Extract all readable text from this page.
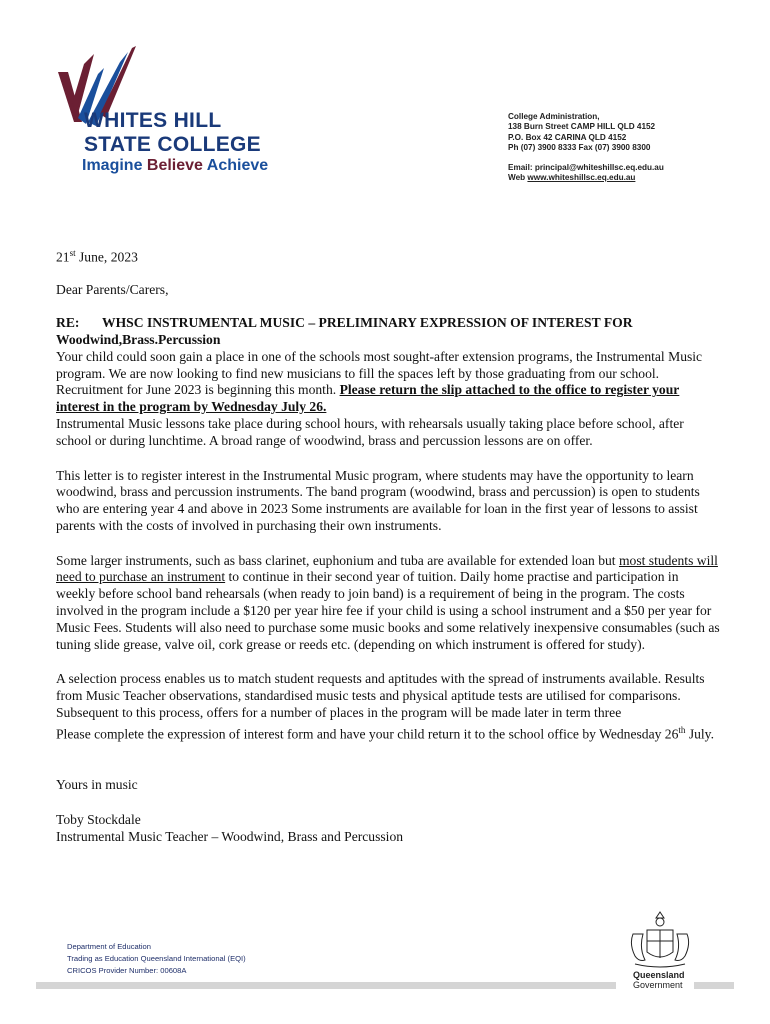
WHITES HILL
STATE COLLEGE
Imagine Believe Achieve
College Administration,
138 Burn Street CAMP HILL QLD 4152
P.O. Box 42 CARINA QLD 4152
Ph (07) 3900 8333 Fax (07) 3900 8300
Email: principal@whiteshillsc.eq.edu.au
Web www.whiteshillsc.eq.edu.au

21st June, 2023

Dear Parents/Carers,

RE:	WHSC INSTRUMENTAL MUSIC – PRELIMINARY EXPRESSION OF INTEREST FOR

Woodwind,Brass.Percussion

Your child could soon gain a place in one of the schools most sought-after extension programs, the Instrumental Music program. We are now looking to find new musicians to fill the spaces left by those graduating from our school. Recruitment for June 2023 is beginning this month. Please return the slip attached to the office to register your interest in the program by Wednesday July 26.

Instrumental Music lessons take place during school hours, with rehearsals usually taking place before school, after school or during lunchtime. A broad range of woodwind, brass and percussion lessons are on offer.

This letter is to register interest in the Instrumental Music program, where students may have the opportunity to learn woodwind, brass and percussion instruments. The band program (woodwind, brass and percussion) is open to students who are entering year 4 and above in 2023 Some instruments are available for loan in the first year of lessons to assist parents with the costs of involved in purchasing their own instruments.

Some larger instruments, such as bass clarinet, euphonium and tuba are available for extended loan but most students will need to purchase an instrument to continue in their second year of tuition. Daily home practise and participation in weekly before school band rehearsals (when ready to join band) is a requirement of being in the program. The costs involved in the program include a $120 per year hire fee if your child is using a school instrument and a $50 per year for Music Fees. Students will also need to purchase some music books and some relatively inexpensive consumables (such as tuning slide grease, valve oil, cork grease or reeds etc. (depending on which instrument is offered for study).

A selection process enables us to match student requests and aptitudes with the spread of instruments available. Results from Music Teacher observations, standardised music tests and physical aptitude tests are utilised for comparisons. Subsequent to this process, offers for a number of places in the program will be made later in term three

Please complete the expression of interest form and have your child return it to the school office by Wednesday 26th July.

Yours in music

Toby Stockdale

Instrumental Music Teacher – Woodwind, Brass and Percussion

Department of Education
Trading as Education Queensland International (EQI)
CRICOS Provider Number: 00608A	Queensland
Government
